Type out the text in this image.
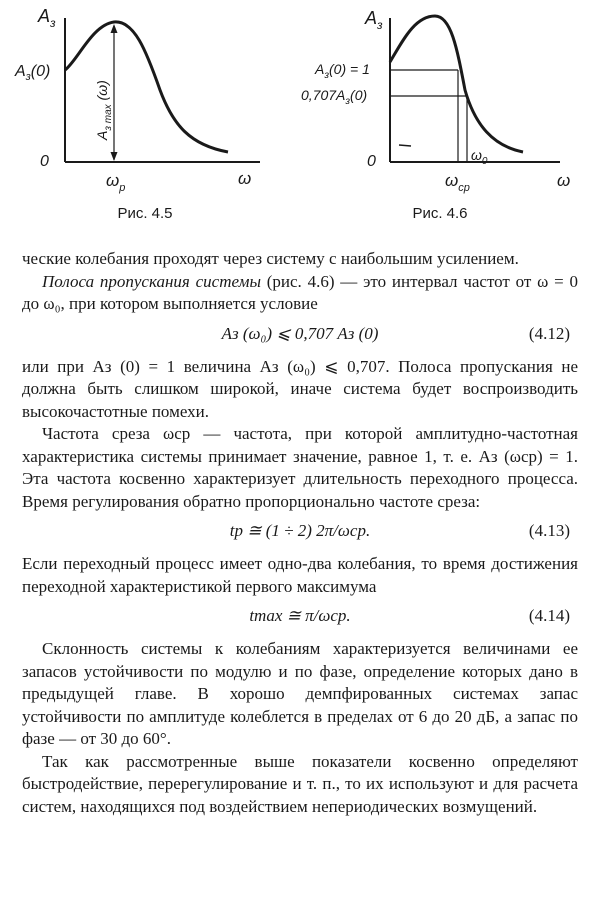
$A_з$
$A_з(0)$
0
$\omega_p$	ω
$A_{з max}$ (ω)
Рис. 4.5
$A_з$
$A_з(0) = 1$
$0,707A_з(0)$
0	$\omega_0$
$\omega_{ср}$	ω
Рис. 4.6

ческие колебания проходят через систему с наибольшим усилением.

Полоса пропускания системы (рис. 4.6) — это интервал частот от ω = 0 до ω₀, при котором выполняется условие

Aз (ω₀) ⩽ 0,707 Aз (0)	(4.12)

или при Aз (0) = 1 величина Aз (ω₀) ⩽ 0,707. Полоса пропускания не должна быть слишком широкой, иначе система будет воспроизводить высокочастотные помехи.

Частота среза ωср — частота, при которой амплитудно-частотная характеристика системы принимает значение, равное 1, т. е. Aз (ωср) = 1. Эта частота косвенно характеризует длительность переходного процесса. Время регулирования обратно пропорционально частоте среза:

tр ≅ (1 ÷ 2) 2π/ωср.	(4.13)

Если переходный процесс имеет одно-два колебания, то время достижения переходной характеристикой первого максимума

tmax ≅ π/ωср.	(4.14)

Склонность системы к колебаниям характеризуется величинами ее запасов устойчивости по модулю и по фазе, определение которых дано в предыдущей главе. В хорошо демпфированных системах запас устойчивости по амплитуде колеблется в пределах от 6 до 20 дБ, а запас по фазе — от 30 до 60°.

Так как рассмотренные выше показатели косвенно определяют быстродействие, перерегулирование и т. п., то их используют и для расчета систем, находящихся под воздействием непериодических возмущений.
